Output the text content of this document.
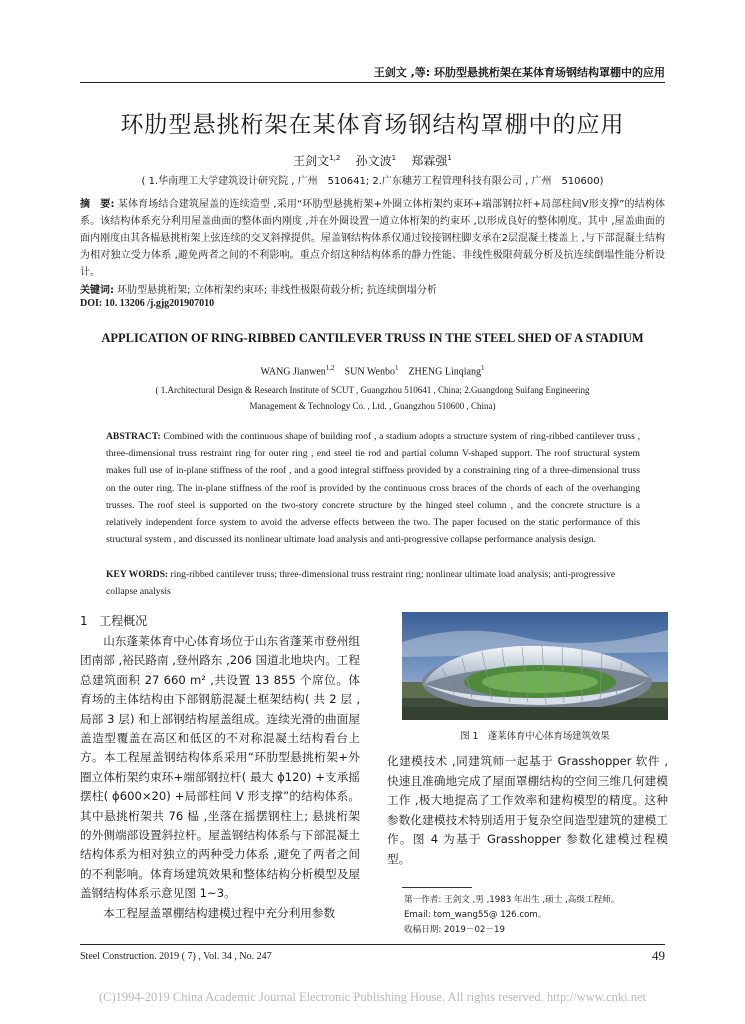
王剑文 ,等: 环肋型悬挑桁架在某体育场钢结构罩棚中的应用
环肋型悬挑桁架在某体育场钢结构罩棚中的应用
王剑文$^{1,2}$ 孙文波$^1$ 郑霖强$^1$
( 1.华南理工大学建筑设计研究院 , 广州　510641; 2.广东穗芳工程管理科技有限公司 , 广州　510600)
摘　要: 某体育场结合建筑屋盖的连续造型 ,采用“环肋型悬挑桁架+外圈立体桁架约束环+端部钢拉杆+局部柱间V形支撑”的结构体系。该结构体系充分利用屋盖曲面的整体面内刚度 ,并在外圈设置一道立体桁架的约束环 ,以形成良好的整体刚度。其中 ,屋盖曲面的面内刚度由其各榀悬挑桁架上弦连续的交叉斜撑提供。屋盖钢结构体系仅通过铰接钢柱脚支承在2层混凝土楼盖上 ,与下部混凝土结构为相对独立受力体系 ,避免两者之间的不利影响。重点介绍这种结构体系的静力性能、非线性极限荷载分析及抗连续倒塌性能分析设计。
关键词: 环肋型悬挑桁架; 立体桁架约束环; 非线性极限荷载分析; 抗连续倒塌分析
DOI: 10. 13206 /j.gjg201907010
APPLICATION OF RING-RIBBED CANTILEVER TRUSS IN THE STEEL SHED OF A STADIUM
WANG Jianwen$^{1,2}$ SUN Wenbo$^1$ ZHENG Linqiang$^1$
( 1.Architectural Design & Research Institute of SCUT , Guangzhou 510641 , China; 2.Guangdong Suifang Engineering
Management & Technology Co. , Ltd. , Guangzhou 510600 , China)
ABSTRACT: Combined with the continuous shape of building roof , a stadium adopts a structure system of ring-ribbed cantilever truss , three-dimensional truss restraint ring for outer ring , end steel tie rod and partial column V-shaped support. The roof structural system makes full use of in-plane stiffness of the roof , and a good integral stiffness provided by a constraining ring of a three-dimensional truss on the outer ring. The in-plane stiffness of the roof is provided by the continuous cross braces of the chords of each of the overhanging trusses. The roof steel is supported on the two-story concrete structure by the hinged steel column , and the concrete structure is a relatively independent force system to avoid the adverse effects between the two. The paper focused on the static performance of this structural system , and discussed its nonlinear ultimate load analysis and anti-progressive collapse performance analysis design.
KEY WORDS: ring-ribbed cantilever truss; three-dimensional truss restraint ring; nonlinear ultimate load analysis; anti-progressive collapse analysis
1 工程概况

山东蓬莱体育中心体育场位于山东省蓬莱市登州组团南部 ,裕民路南 ,登州路东 ,206 国道北地块内。工程总建筑面积 27 660 m² ,共设置 13 855 个席位。体育场的主体结构由下部钢筋混凝土框架结构( 共 2 层 ,局部 3 层) 和上部钢结构屋盖组成。连续光滑的曲面屋盖造型覆盖在高区和低区的不对称混凝土结构看台上方。本工程屋盖钢结构体系采用“环肋型悬挑桁架+外圈立体桁架约束环+端部钢拉杆( 最大 ϕ120) +支承摇摆柱( ϕ600×20) +局部柱间 V 形支撑”的结构体系。其中悬挑桁架共 76 榀 ,坐落在摇摆钢柱上; 悬挑桁架的外侧端部设置斜拉杆。屋盖钢结构体系与下部混凝土结构体系为相对独立的两种受力体系 ,避免了两者之间的不利影响。体育场建筑效果和整体结构分析模型及屋盖钢结构体系示意见图 1~3。

本工程屋盖罩棚结构建模过程中充分利用参数

图 1　蓬莱体育中心体育场建筑效果

化建模技术 ,同建筑师一起基于 Grasshopper 软件 ,快速且准确地完成了屋面罩棚结构的空间三维几何建模工作 ,极大地提高了工作效率和建构模型的精度。这种参数化建模技术特别适用于复杂空间造型建筑的建模工作。图 4 为基于 Grasshopper 参数化建模过程模型。

第一作者: 王剑文 ,男 ,1983 年出生 ,硕士 ,高级工程师。
Email: tom_wang55@ 126.com。
收稿日期: 2019－02－19
Steel Construction. 2019 ( 7) , Vol. 34 , No. 247	49
(C)1994-2019 China Academic Journal Electronic Publishing House. All rights reserved. http://www.cnki.net
